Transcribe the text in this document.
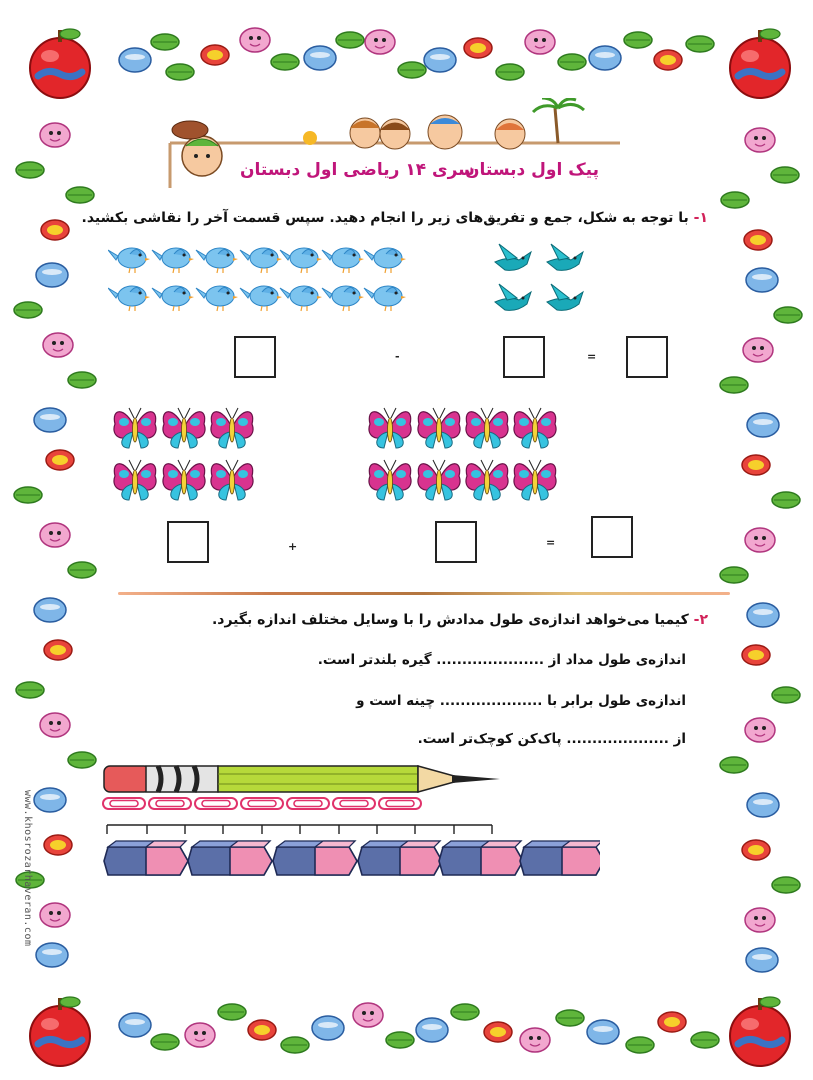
پیک اول دبستان
سری ۱۴ ریاضی اول دبستان
۱- با توجه به شکل، جمع و تفریق‌های زیر را انجام دهید. سپس قسمت آخر را نقاشی بکشید.
-	=
+	=
۲- کیمیا می‌خواهد اندازه‌ی طول مدادش را با وسایل مختلف اندازه بگیرد.
اندازه‌ی طول مداد از ..................... گیره بلندتر است.
اندازه‌ی طول برابر با .................... چینه است و
از .................... پاک‌کن کوچک‌تر است.
www.khosrozarhaveran.com
